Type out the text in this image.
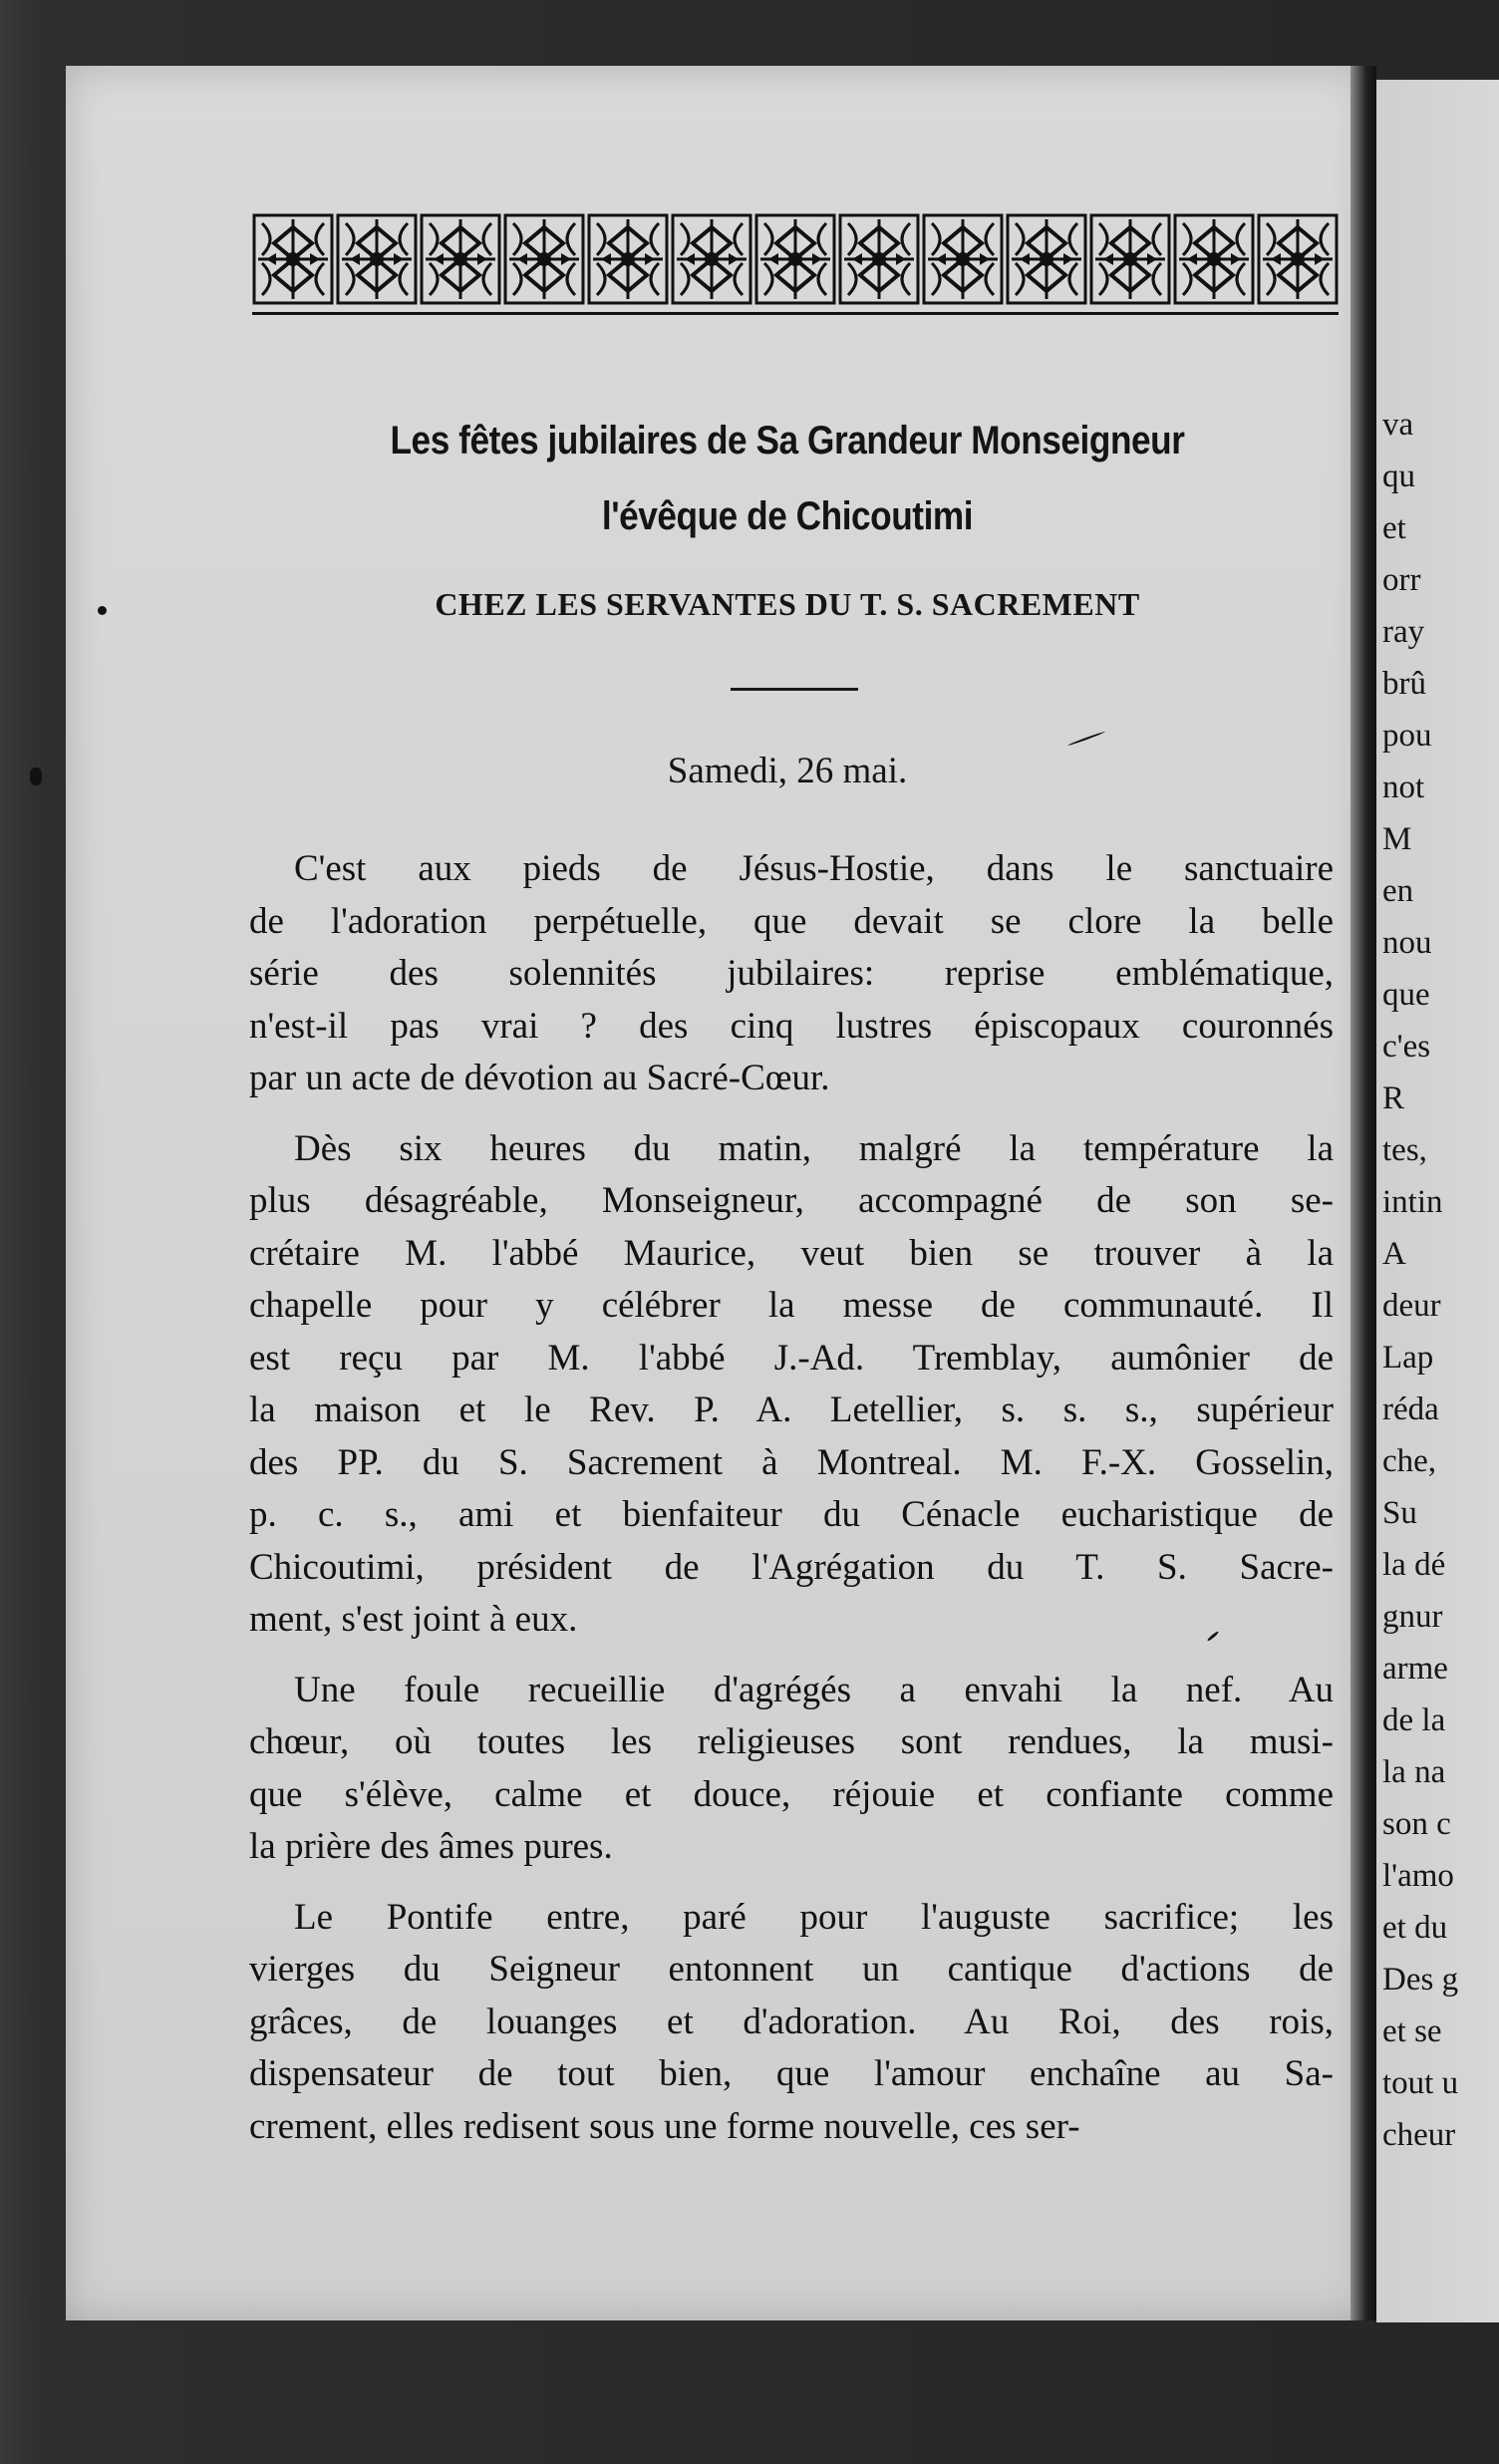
va
qu
et
orr
ray
brû
pou
not
M
en
nou
que
c'es
R
tes,
intin
A
deur
Lap
réda
che,
Su
la dé
gnur
arme
de la
la na
son c
l'amo
et du
Des g
et se
tout u
cheur
Les fêtes jubilaires de Sa Grandeur Monseigneur
l'évêque de Chicoutimi
CHEZ LES SERVANTES DU T. S. SACREMENT
Samedi, 26 mai.
C'est aux pieds de Jésus-Hostie, dans le sanctuaire
de l'adoration perpétuelle, que devait se clore la belle
série des solennités jubilaires: reprise emblématique,
n'est-il pas vrai ? des cinq lustres épiscopaux couronnés
par un acte de dévotion au Sacré-Cœur.
Dès six heures du matin, malgré la température la
plus désagréable, Monseigneur, accompagné de son se-
crétaire M. l'abbé Maurice, veut bien se trouver à la
chapelle pour y célébrer la messe de communauté. Il
est reçu par M. l'abbé J.-Ad. Tremblay, aumônier de
la maison et le Rev. P. A. Letellier, s. s. s., supérieur
des PP. du S. Sacrement à Montreal. M. F.-X. Gosselin,
p. c. s., ami et bienfaiteur du Cénacle eucharistique de
Chicoutimi, président de l'Agrégation du T. S. Sacre-
ment, s'est joint à eux.
Une foule recueillie d'agrégés a envahi la nef. Au
chœur, où toutes les religieuses sont rendues, la musi-
que s'élève, calme et douce, réjouie et confiante comme
la prière des âmes pures.
Le Pontife entre, paré pour l'auguste sacrifice; les
vierges du Seigneur entonnent un cantique d'actions de
grâces, de louanges et d'adoration. Au Roi, des rois,
dispensateur de tout bien, que l'amour enchaîne au Sa-
crement, elles redisent sous une forme nouvelle, ces ser-
